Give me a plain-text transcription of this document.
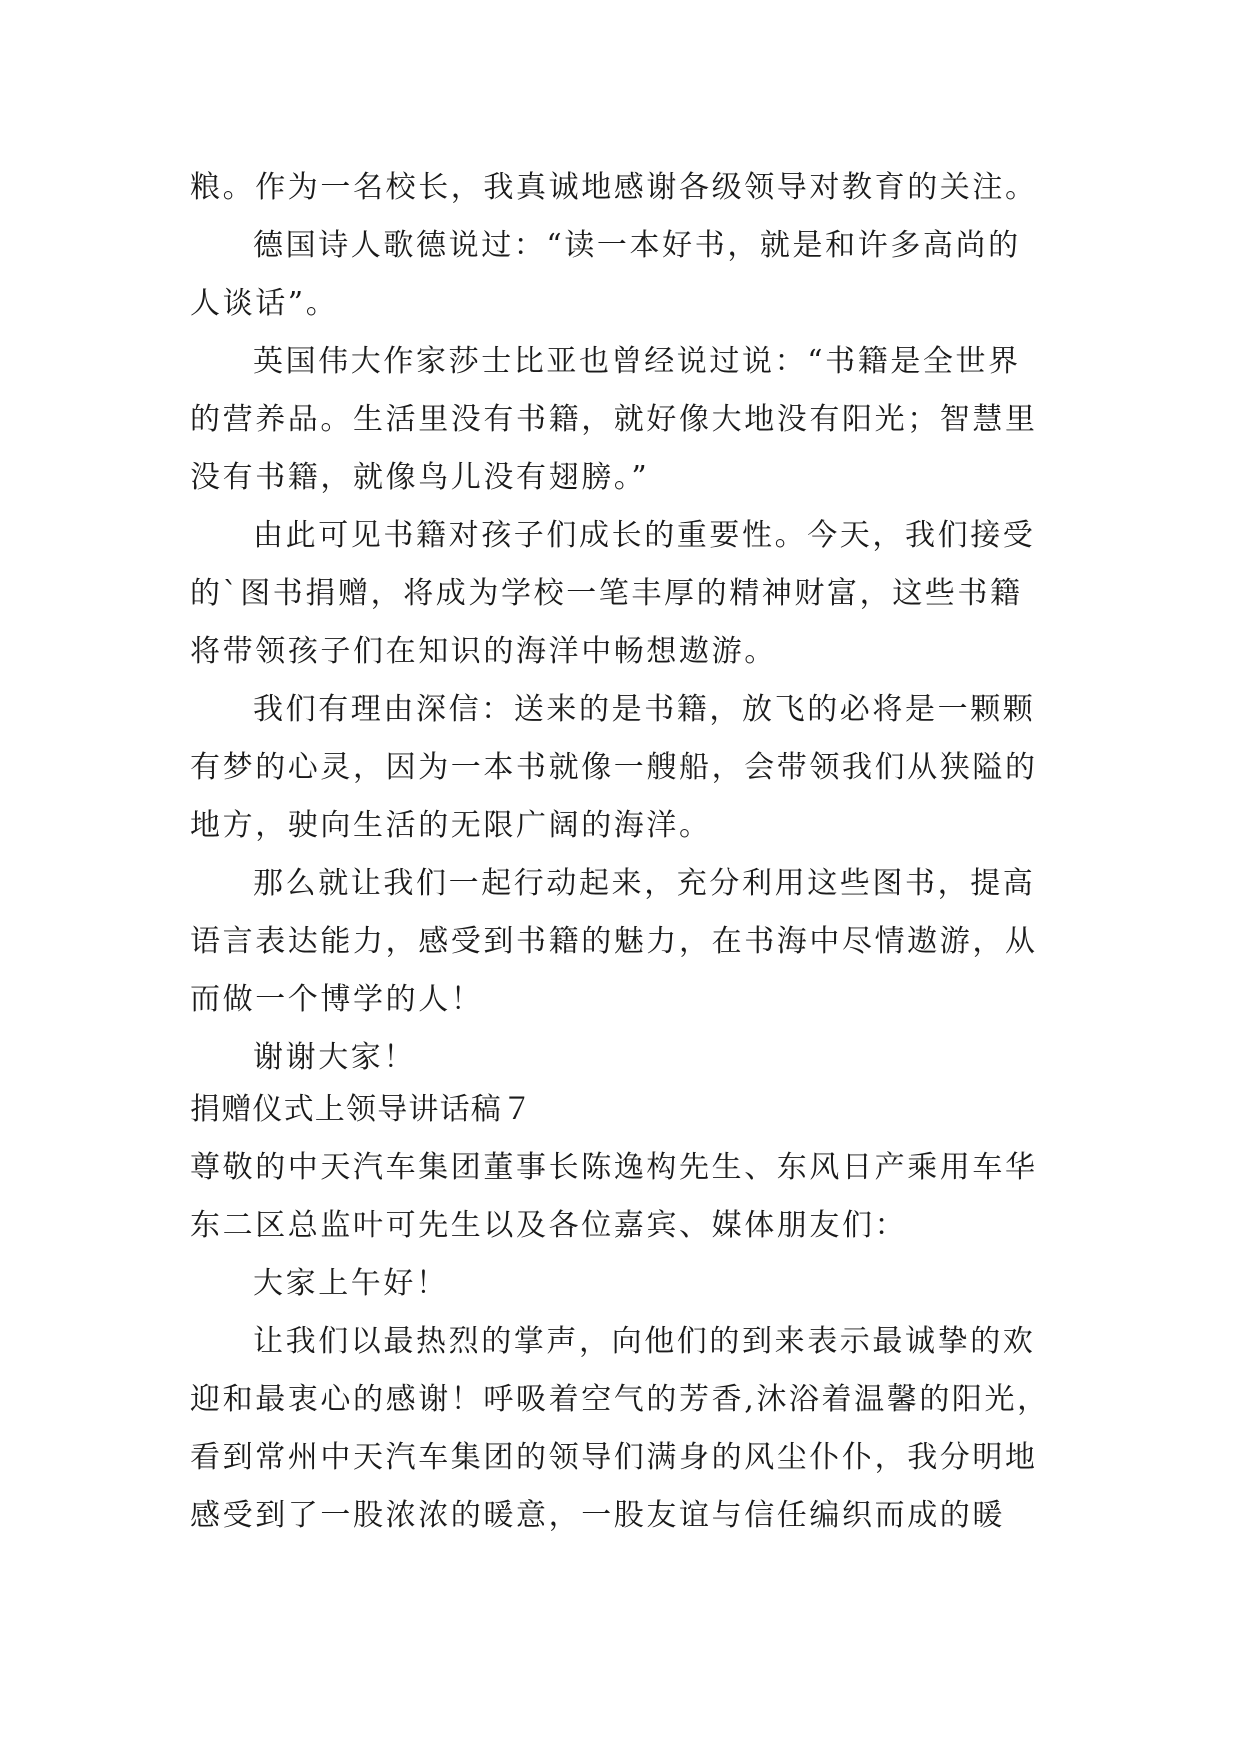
粮。作为一名校长，我真诚地感谢各级领导对教育的关注。
德国诗人歌德说过：“读一本好书，就是和许多高尚的
人谈话”。
英国伟大作家莎士比亚也曾经说过说：“书籍是全世界
的营养品。生活里没有书籍，就好像大地没有阳光；智慧里
没有书籍，就像鸟儿没有翅膀。”
由此可见书籍对孩子们成长的重要性。今天，我们接受
的`图书捐赠，将成为学校一笔丰厚的精神财富，这些书籍
将带领孩子们在知识的海洋中畅想遨游。
我们有理由深信：送来的是书籍，放飞的必将是一颗颗
有梦的心灵，因为一本书就像一艘船，会带领我们从狭隘的
地方，驶向生活的无限广阔的海洋。
那么就让我们一起行动起来，充分利用这些图书，提高
语言表达能力，感受到书籍的魅力，在书海中尽情遨游，从
而做一个博学的人！
谢谢大家！
捐赠仪式上领导讲话稿７
尊敬的中天汽车集团董事长陈逸构先生、东风日产乘用车华
东二区总监叶可先生以及各位嘉宾、媒体朋友们：
大家上午好！
让我们以最热烈的掌声，向他们的到来表示最诚挚的欢
迎和最衷心的感谢！呼吸着空气的芳香,沐浴着温馨的阳光，
看到常州中天汽车集团的领导们满身的风尘仆仆，我分明地
感受到了一股浓浓的暖意，一股友谊与信任编织而成的暖
